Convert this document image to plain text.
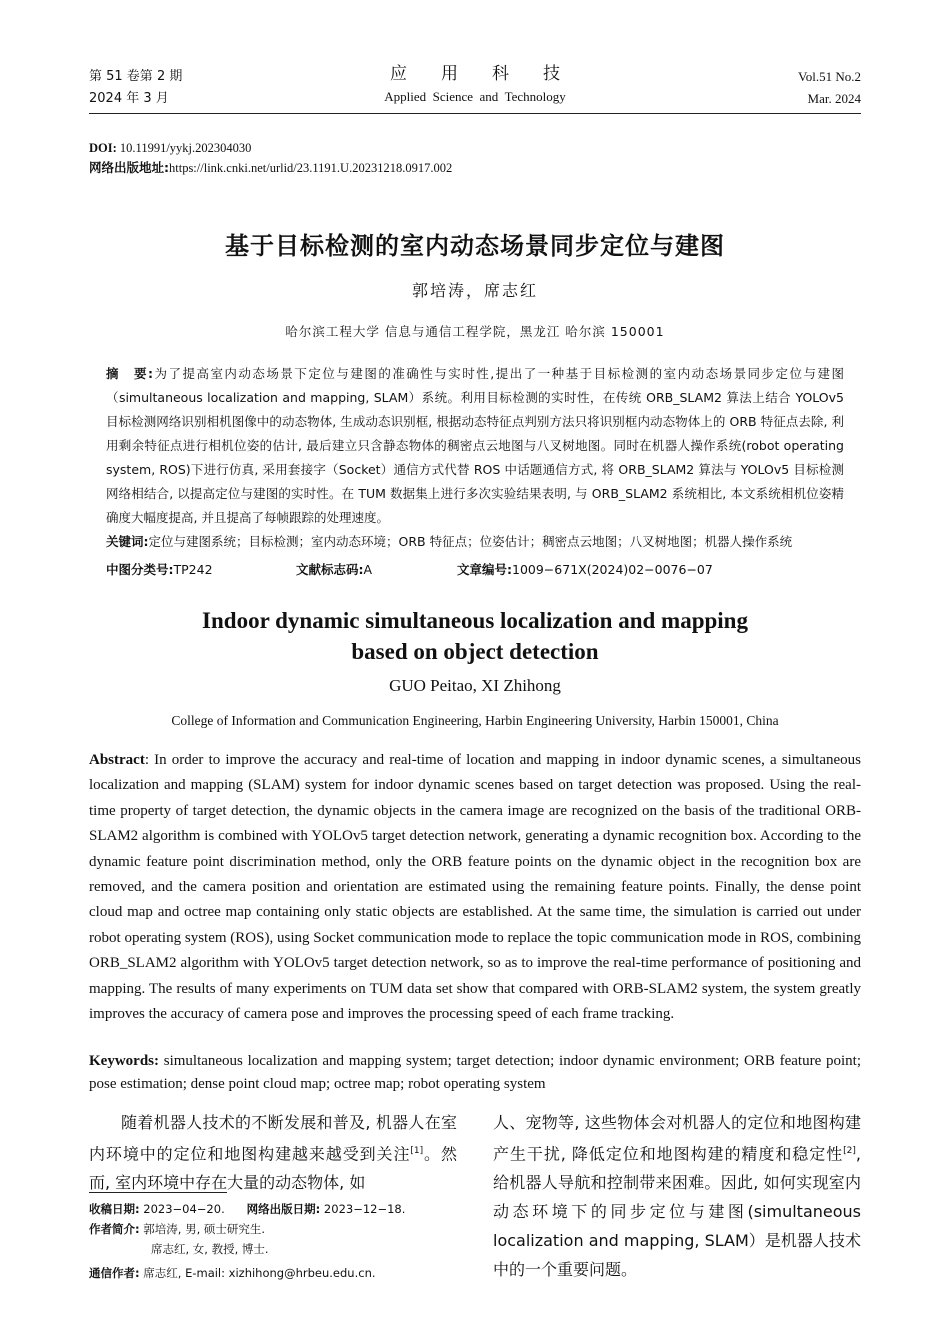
第 51 卷第 2 期
2024 年 3 月
应用科技
Applied  Science  and  Technology
Vol.51 No.2
Mar. 2024
DOI: 10.11991/yykj.202304030
网络出版地址:https://link.cnki.net/urlid/23.1191.U.20231218.0917.002
基于目标检测的室内动态场景同步定位与建图
郭培涛，席志红
哈尔滨工程大学 信息与通信工程学院，黑龙江 哈尔滨 150001
摘　要:为了提高室内动态场景下定位与建图的准确性与实时性,提出了一种基于目标检测的室内动态场景同步定位与建图（simultaneous localization and mapping, SLAM）系统。利用目标检测的实时性，在传统 ORB_SLAM2 算法上结合 YOLOv5 目标检测网络识别相机图像中的动态物体, 生成动态识别框, 根据动态特征点判别方法只将识别框内动态物体上的 ORB 特征点去除, 利用剩余特征点进行相机位姿的估计, 最后建立只含静态物体的稠密点云地图与八叉树地图。同时在机器人操作系统(robot operating system, ROS)下进行仿真, 采用套接字（Socket）通信方式代替 ROS 中话题通信方式, 将 ORB_SLAM2 算法与 YOLOv5 目标检测网络相结合, 以提高定位与建图的实时性。在 TUM 数据集上进行多次实验结果表明, 与 ORB_SLAM2 系统相比, 本文系统相机位姿精确度大幅度提高, 并且提高了每帧跟踪的处理速度。
关键词:定位与建图系统；目标检测；室内动态环境；ORB 特征点；位姿估计；稠密点云地图；八叉树地图；机器人操作系统
中图分类号:TP242	文献标志码:A	文章编号:1009−671X(2024)02−0076−07
Indoor dynamic simultaneous localization and mapping
based on object detection
GUO Peitao, XI Zhihong
College of Information and Communication Engineering, Harbin Engineering University, Harbin 150001, China
Abstract: In order to improve the accuracy and real-time of location and mapping in indoor dynamic scenes, a simultaneous localization and mapping (SLAM) system for indoor dynamic scenes based on target detection was proposed. Using the real-time property of target detection, the dynamic objects in the camera image are recognized on the basis of the traditional ORB-SLAM2 algorithm is combined with YOLOv5 target detection network, generating a dynamic recognition box. According to the dynamic feature point discrimination method, only the ORB feature points on the dynamic object in the recognition box are removed, and the camera position and orientation are estimated using the remaining feature points. Finally, the dense point cloud map and octree map containing only static objects are established. At the same time, the simulation is carried out under robot operating system (ROS), using Socket communication mode to replace the topic communication mode in ROS, combining ORB_SLAM2 algorithm with YOLOv5 target detection network, so as to improve the real-time performance of positioning and mapping. The results of many experiments on TUM data set show that compared with ORB-SLAM2 system, the system greatly improves the accuracy of camera pose and improves the processing speed of each frame tracking.
Keywords: simultaneous localization and mapping system; target detection; indoor dynamic environment; ORB feature point; pose estimation; dense point cloud map; octree map; robot operating system
随着机器人技术的不断发展和普及, 机器人在室内环境中的定位和地图构建越来越受到关注[1]。然而, 室内环境中存在大量的动态物体, 如
人、宠物等, 这些物体会对机器人的定位和地图构建产生干扰, 降低定位和地图构建的精度和稳定性[2], 给机器人导航和控制带来困难。因此, 如何实现室内动态环境下的同步定位与建图(simultaneous localization and mapping, SLAM）是机器人技术中的一个重要问题。
收稿日期: 2023−04−20. 网络出版日期: 2023−12−18.
作者简介: 郭培涛, 男, 硕士研究生.
席志红, 女, 教授, 博士.
通信作者: 席志红, E-mail: xizhihong@hrbeu.edu.cn.
